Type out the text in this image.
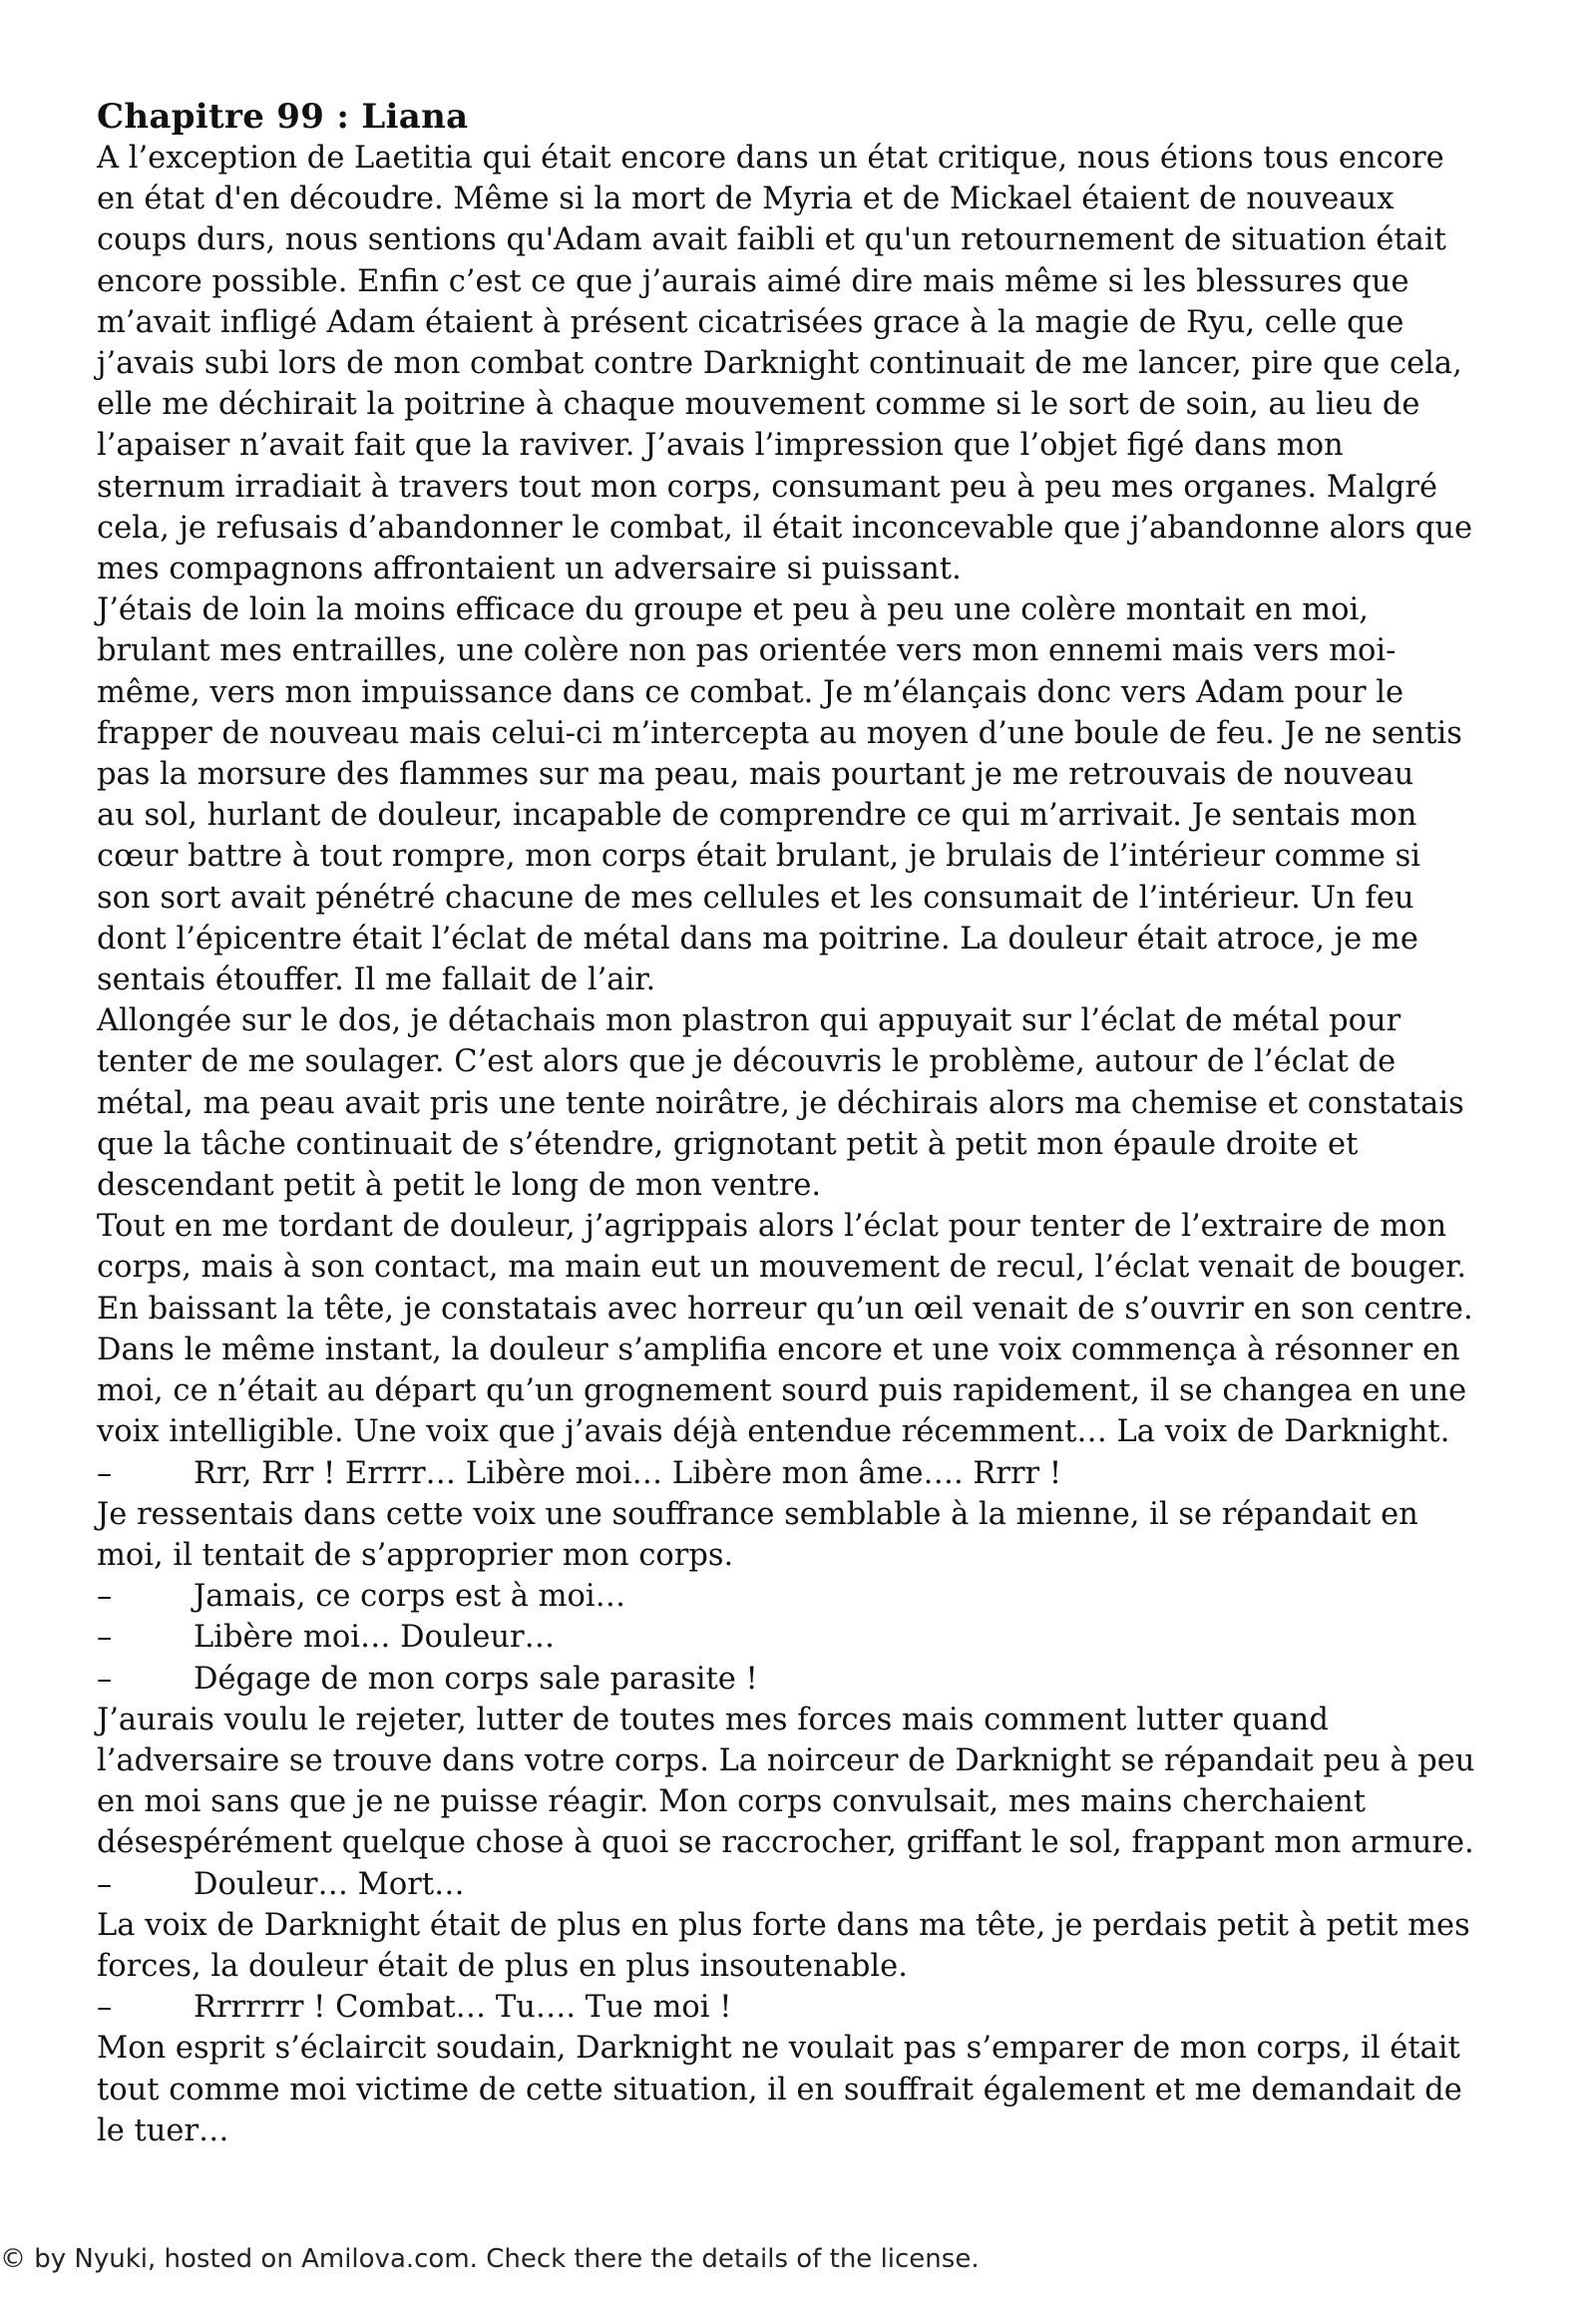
Chapitre 99 : Liana
A l’exception de Laetitia qui était encore dans un état critique, nous étions tous encore
en état d'en découdre. Même si la mort de Myria et de Mickael étaient de nouveaux
coups durs, nous sentions qu'Adam avait faibli et qu'un retournement de situation était
encore possible. Enfin c’est ce que j’aurais aimé dire mais même si les blessures que
m’avait infligé Adam étaient à présent cicatrisées grace à la magie de Ryu, celle que
j’avais subi lors de mon combat contre Darknight continuait de me lancer, pire que cela,
elle me déchirait la poitrine à chaque mouvement comme si le sort de soin, au lieu de
l’apaiser n’avait fait que la raviver. J’avais l’impression que l’objet figé dans mon
sternum irradiait à travers tout mon corps, consumant peu à peu mes organes. Malgré
cela, je refusais d’abandonner le combat, il était inconcevable que j’abandonne alors que
mes compagnons affrontaient un adversaire si puissant.
J’étais de loin la moins efficace du groupe et peu à peu une colère montait en moi,
brulant mes entrailles, une colère non pas orientée vers mon ennemi mais vers moi-
même, vers mon impuissance dans ce combat. Je m’élançais donc vers Adam pour le
frapper de nouveau mais celui-ci m’intercepta au moyen d’une boule de feu. Je ne sentis
pas la morsure des flammes sur ma peau, mais pourtant je me retrouvais de nouveau
au sol, hurlant de douleur, incapable de comprendre ce qui m’arrivait. Je sentais mon
cœur battre à tout rompre, mon corps était brulant, je brulais de l’intérieur comme si
son sort avait pénétré chacune de mes cellules et les consumait de l’intérieur. Un feu
dont l’épicentre était l’éclat de métal dans ma poitrine. La douleur était atroce, je me
sentais étouffer. Il me fallait de l’air.
Allongée sur le dos, je détachais mon plastron qui appuyait sur l’éclat de métal pour
tenter de me soulager. C’est alors que je découvris le problème, autour de l’éclat de
métal, ma peau avait pris une tente noirâtre, je déchirais alors ma chemise et constatais
que la tâche continuait de s’étendre, grignotant petit à petit mon épaule droite et
descendant petit à petit le long de mon ventre.
Tout en me tordant de douleur, j’agrippais alors l’éclat pour tenter de l’extraire de mon
corps, mais à son contact, ma main eut un mouvement de recul, l’éclat venait de bouger.
En baissant la tête, je constatais avec horreur qu’un œil venait de s’ouvrir en son centre.
Dans le même instant, la douleur s’amplifia encore et une voix commença à résonner en
moi, ce n’était au départ qu’un grognement sourd puis rapidement, il se changea en une
voix intelligible. Une voix que j’avais déjà entendue récemment… La voix de Darknight.
–	Rrr, Rrr ! Errrr… Libère moi… Libère mon âme…. Rrrr !
Je ressentais dans cette voix une souffrance semblable à la mienne, il se répandait en
moi, il tentait de s’approprier mon corps.
–	Jamais, ce corps est à moi…
–	Libère moi… Douleur…
–	Dégage de mon corps sale parasite !
J’aurais voulu le rejeter, lutter de toutes mes forces mais comment lutter quand
l’adversaire se trouve dans votre corps. La noirceur de Darknight se répandait peu à peu
en moi sans que je ne puisse réagir. Mon corps convulsait, mes mains cherchaient
désespérément quelque chose à quoi se raccrocher, griffant le sol, frappant mon armure.
–	Douleur… Mort…
La voix de Darknight était de plus en plus forte dans ma tête, je perdais petit à petit mes
forces, la douleur était de plus en plus insoutenable.
–	Rrrrrrr ! Combat… Tu…. Tue moi !
Mon esprit s’éclaircit soudain, Darknight ne voulait pas s’emparer de mon corps, il était
tout comme moi victime de cette situation, il en souffrait également et me demandait de
le tuer…
© by Nyuki, hosted on Amilova.com. Check there the details of the license.
